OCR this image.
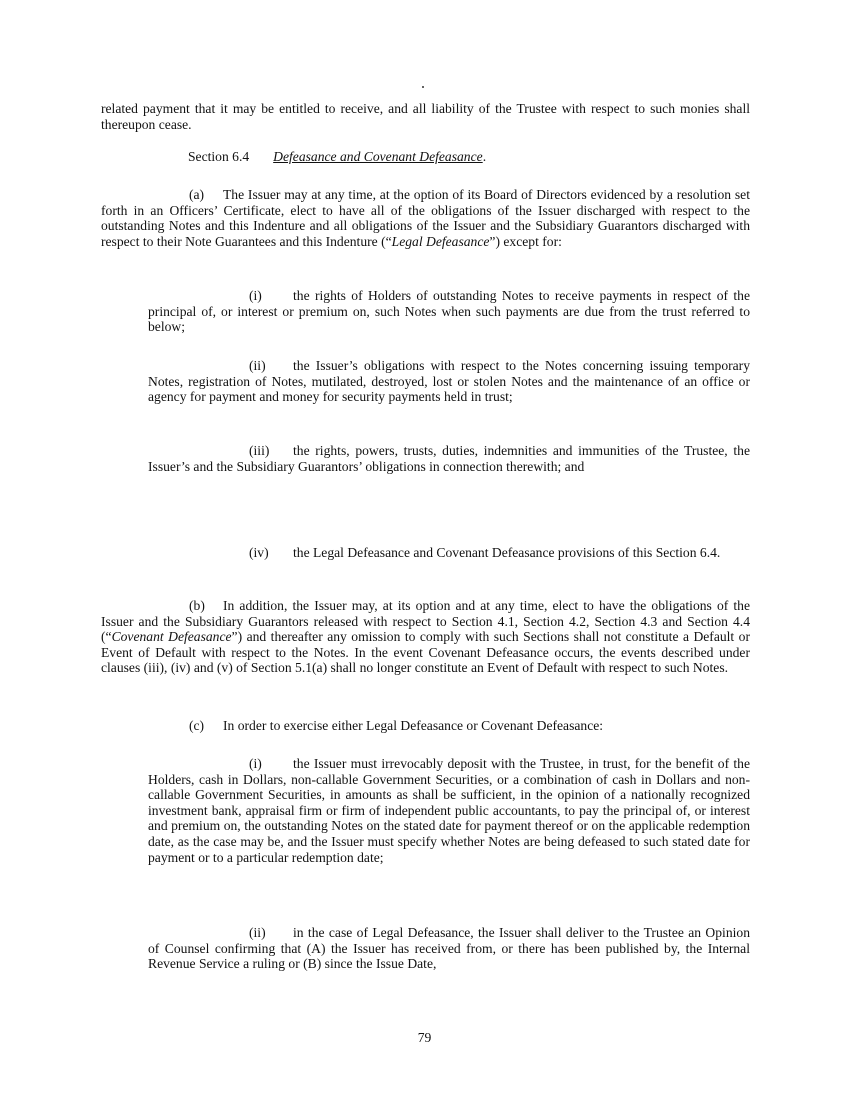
related payment that it may be entitled to receive, and all liability of the Trustee with respect to such monies shall thereupon cease.

Section 6.4 Defeasance and Covenant Defeasance.

(a) The Issuer may at any time, at the option of its Board of Directors evidenced by a resolution set forth in an Officers’ Certificate, elect to have all of the obligations of the Issuer discharged with respect to the outstanding Notes and this Indenture and all obligations of the Issuer and the Subsidiary Guarantors discharged with respect to their Note Guarantees and this Indenture (“Legal Defeasance”) except for:

(i) the rights of Holders of outstanding Notes to receive payments in respect of the principal of, or interest or premium on, such Notes when such payments are due from the trust referred to below;

(ii) the Issuer’s obligations with respect to the Notes concerning issuing temporary Notes, registration of Notes, mutilated, destroyed, lost or stolen Notes and the maintenance of an office or agency for payment and money for security payments held in trust;

(iii) the rights, powers, trusts, duties, indemnities and immunities of the Trustee, the Issuer’s and the Subsidiary Guarantors’ obligations in connection therewith; and

(iv) the Legal Defeasance and Covenant Defeasance provisions of this Section 6.4.

(b) In addition, the Issuer may, at its option and at any time, elect to have the obligations of the Issuer and the Subsidiary Guarantors released with respect to Section 4.1, Section 4.2, Section 4.3 and Section 4.4 (“Covenant Defeasance”) and thereafter any omission to comply with such Sections shall not constitute a Default or Event of Default with respect to the Notes. In the event Covenant Defeasance occurs, the events described under clauses (iii), (iv) and (v) of Section 5.1(a) shall no longer constitute an Event of Default with respect to such Notes.

(c) In order to exercise either Legal Defeasance or Covenant Defeasance:

(i) the Issuer must irrevocably deposit with the Trustee, in trust, for the benefit of the Holders, cash in Dollars, non-callable Government Securities, or a combination of cash in Dollars and non-callable Government Securities, in amounts as shall be sufficient, in the opinion of a nationally recognized investment bank, appraisal firm or firm of independent public accountants, to pay the principal of, or interest and premium on, the outstanding Notes on the stated date for payment thereof or on the applicable redemption date, as the case may be, and the Issuer must specify whether Notes are being defeased to such stated date for payment or to a particular redemption date;

(ii) in the case of Legal Defeasance, the Issuer shall deliver to the Trustee an Opinion of Counsel confirming that (A) the Issuer has received from, or there has been published by, the Internal Revenue Service a ruling or (B) since the Issue Date,

79
